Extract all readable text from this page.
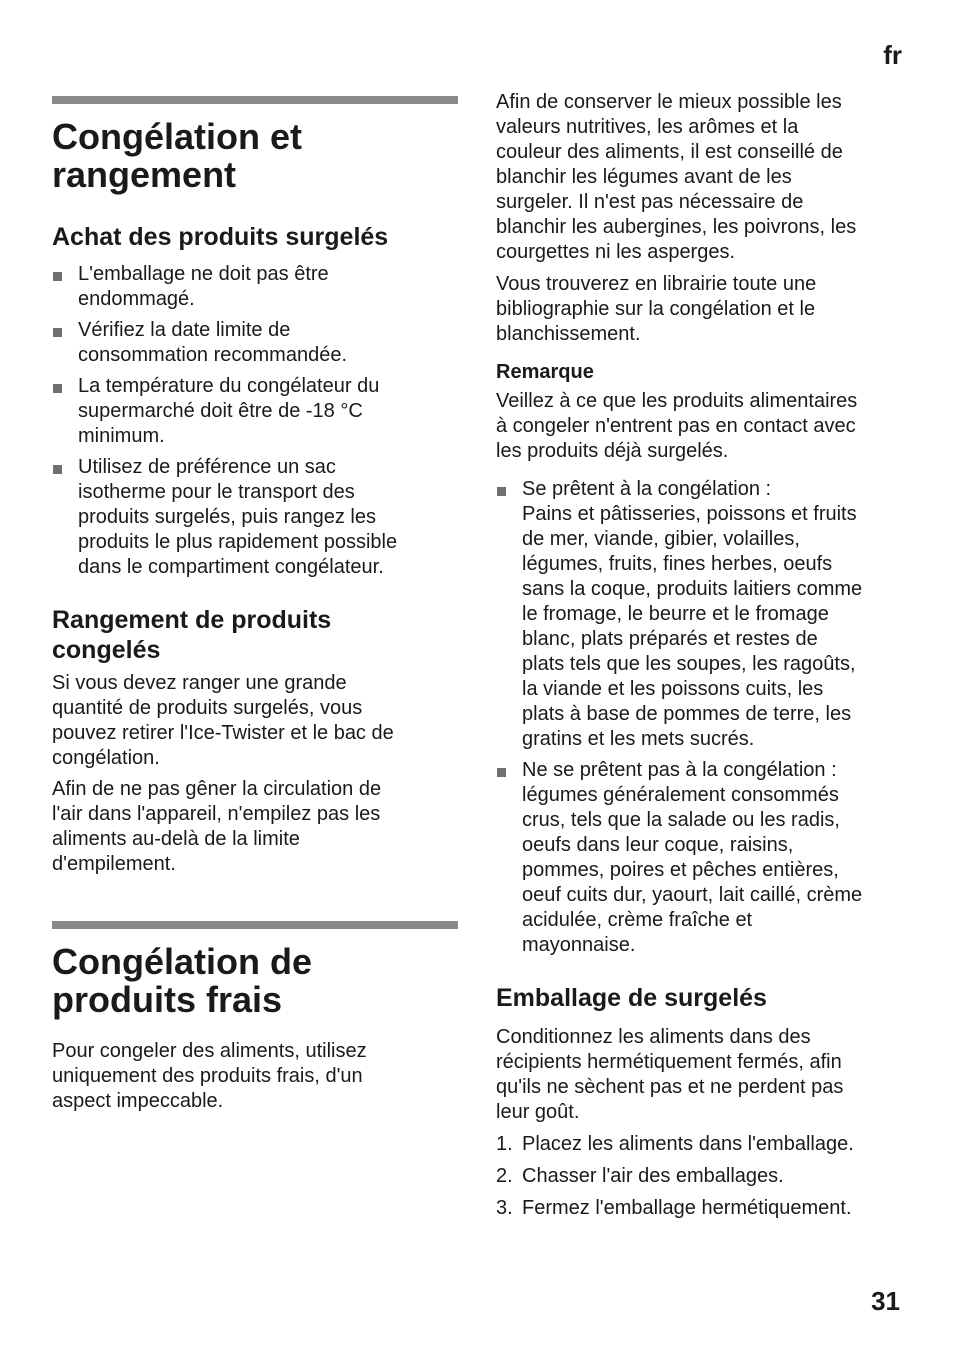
fr
Congélation et
rangement
Achat des produits surgelés
L'emballage ne doit pas être
endommagé.
Vérifiez la date limite de
consommation recommandée.
La température du congélateur du
supermarché doit être de -18 °C
minimum.
Utilisez de préférence un sac
isotherme pour le transport des
produits surgelés, puis rangez les
produits le plus rapidement possible
dans le compartiment congélateur.
Rangement de produits
congelés

Si vous devez ranger une grande
quantité de produits surgelés, vous
pouvez retirer l'Ice-Twister et le bac de
congélation.

Afin de ne pas gêner la circulation de
l'air dans l'appareil, n'empilez pas les
aliments au-delà de la limite
d'empilement.

Congélation de
produits frais

Pour congeler des aliments, utilisez
uniquement des produits frais, d'un
aspect impeccable.

Afin de conserver le mieux possible les
valeurs nutritives, les arômes et la
couleur des aliments, il est conseillé de
blanchir les légumes avant de les
surgeler. Il n'est pas nécessaire de
blanchir les aubergines, les poivrons, les
courgettes ni les asperges.

Vous trouverez en librairie toute une
bibliographie sur la congélation et le
blanchissement.

Remarque

Veillez à ce que les produits alimentaires
à congeler n'entrent pas en contact avec
les produits déjà surgelés.

Se prêtent à la congélation :
Pains et pâtisseries, poissons et fruits
de mer, viande, gibier, volailles,
légumes, fruits, fines herbes, oeufs
sans la coque, produits laitiers comme
le fromage, le beurre et le fromage
blanc, plats préparés et restes de
plats tels que les soupes, les ragoûts,
la viande et les poissons cuits, les
plats à base de pommes de terre, les
gratins et les mets sucrés.
Ne se prêtent pas à la congélation :
légumes généralement consommés
crus, tels que la salade ou les radis,
oeufs dans leur coque, raisins,
pommes, poires et pêches entières,
oeuf cuits dur, yaourt, lait caillé, crème
acidulée, crème fraîche et
mayonnaise.
Emballage de surgelés

Conditionnez les aliments dans des
récipients hermétiquement fermés, afin
qu'ils ne sèchent pas et ne perdent pas
leur goût.

1. Placez les aliments dans l'emballage.
2. Chasser l'air des emballages.
3. Fermez l'emballage hermétiquement.
31
